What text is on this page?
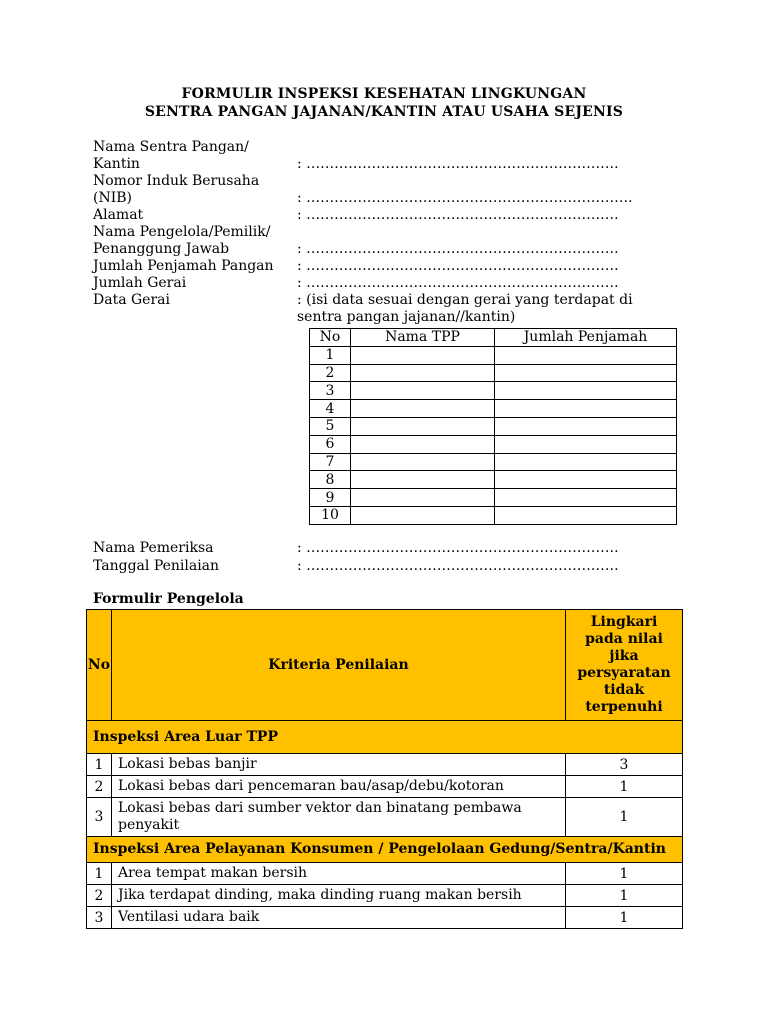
FORMULIR INSPEKSI KESEHATAN LINGKUNGAN
SENTRA PANGAN JAJANAN/KANTIN ATAU USAHA SEJENIS
Nama Sentra Pangan/
Kantin	: ………………………………………………………….
Nomor Induk Berusaha
(NIB)	: …………………………………………………………….
Alamat	: ………………………………………………………….
Nama Pengelola/Pemilik/
Penanggung Jawab	: ………………………………………………………….
Jumlah Penjamah Pangan : ………………………………………………………….
Jumlah Gerai	: ………………………………………………………….
Data Gerai	: (isi data sesuai dengan gerai yang terdapat di
sentra pangan jajanan//kantin)
No	Nama TPP	Jumlah Penjamah
1		
2		
3		
4		
5		
6		
7		
8		
9		
10		
Nama Pemeriksa	: ………………………………………………………….
Tanggal Penilaian	: ………………………………………………………….
Formulir Pengelola
No	Kriteria Penilaian	Lingkari pada nilai jika persyaratan tidak terpenuhi
Inspeksi Area Luar TPP		
1	Lokasi bebas banjir	3
2	Lokasi bebas dari pencemaran bau/asap/debu/kotoran	1
3	Lokasi bebas dari sumber vektor dan binatang pembawa penyakit	1
Inspeksi Area Pelayanan Konsumen / Pengelolaan Gedung/Sentra/Kantin		
1	Area tempat makan bersih	1
2	Jika terdapat dinding, maka dinding ruang makan bersih	1
3	Ventilasi udara baik	1
